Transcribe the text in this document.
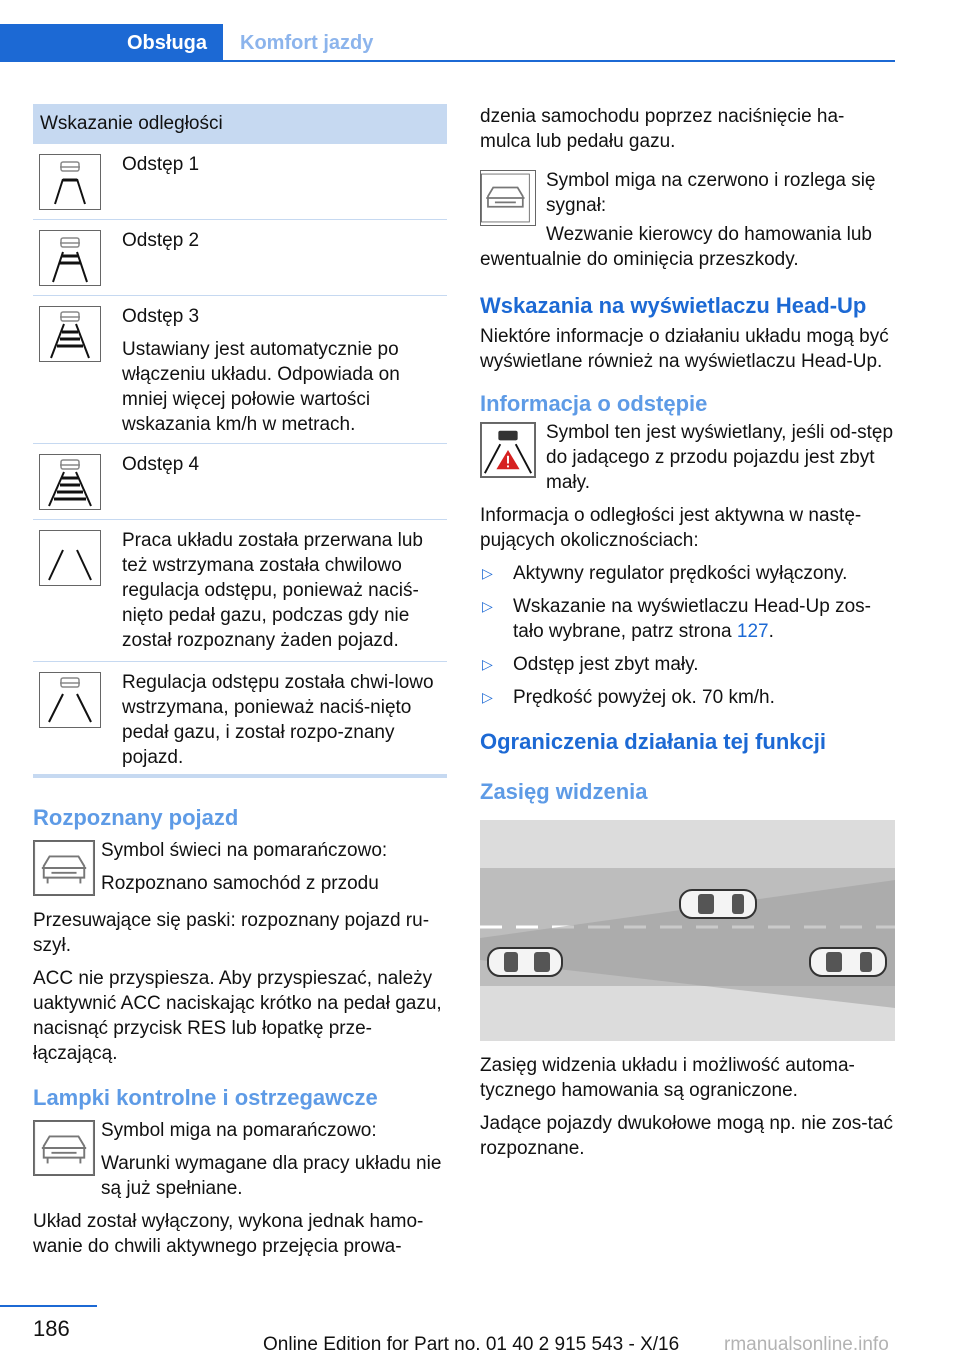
Obsługa	Komfort jazdy
Wskazanie odległości

Odstęp 1

Odstęp 2

Odstęp 3

Ustawiany jest automatycznie po włączeniu układu. Odpowiada on mniej więcej połowie wartości wskazania km/h w metrach.

Odstęp 4

Praca układu została przerwana lub też wstrzymana została chwilowo regulacja odstępu, ponieważ naciś‐nięto pedał gazu, podczas gdy nie został rozpoznany żaden pojazd.

Regulacja odstępu została chwi‐lowo wstrzymana, ponieważ naciś‐nięto pedał gazu, i został rozpo‐znany pojazd.

Rozpoznany pojazd

Symbol świeci na pomarańczowo:

Rozpoznano samochód z przodu

Przesuwające się paski: rozpoznany pojazd ru‐szył.

ACC nie przyspiesza. Aby przyspieszać, należy uaktywnić ACC naciskając krótko na pedał gazu, nacisnąć przycisk RES lub łopatkę prze‐łączającą.

Lampki kontrolne i ostrzegawcze

Symbol miga na pomarańczowo:

Warunki wymagane dla pracy układu nie są już spełniane.

Układ został wyłączony, wykona jednak hamo‐wanie do chwili aktywnego przejęcia prowa‐

dzenia samochodu poprzez naciśnięcie ha‐mulca lub pedału gazu.

Symbol miga na czerwono i rozlega się sygnał:

Wezwanie kierowcy do hamowania lub ewentualnie do ominięcia przeszkody.

Wskazania na wyświetlaczu Head-Up

Niektóre informacje o działaniu układu mogą być wyświetlane również na wyświetlaczu Head-Up.

Informacja o odstępie

Symbol ten jest wyświetlany, jeśli od‐stęp do jadącego z przodu pojazdu jest zbyt mały.

Informacja o odległości jest aktywna w nastę‐pujących okolicznościach:

▷ Aktywny regulator prędkości wyłączony.
▷ Wskazanie na wyświetlaczu Head-Up zos‐tało wybrane, patrz strona 127.
▷ Odstęp jest zbyt mały.
▷ Prędkość powyżej ok. 70 km/h.
Ograniczenia działania tej funkcji
Zasięg widzenia

Zasięg widzenia układu i możliwość automa‐tycznego hamowania są ograniczone.

Jadące pojazdy dwukołowe mogą np. nie zos‐tać rozpoznane.

186
Online Edition for Part no. 01 40 2 915 543 - X/16 rmanualsonline.info
